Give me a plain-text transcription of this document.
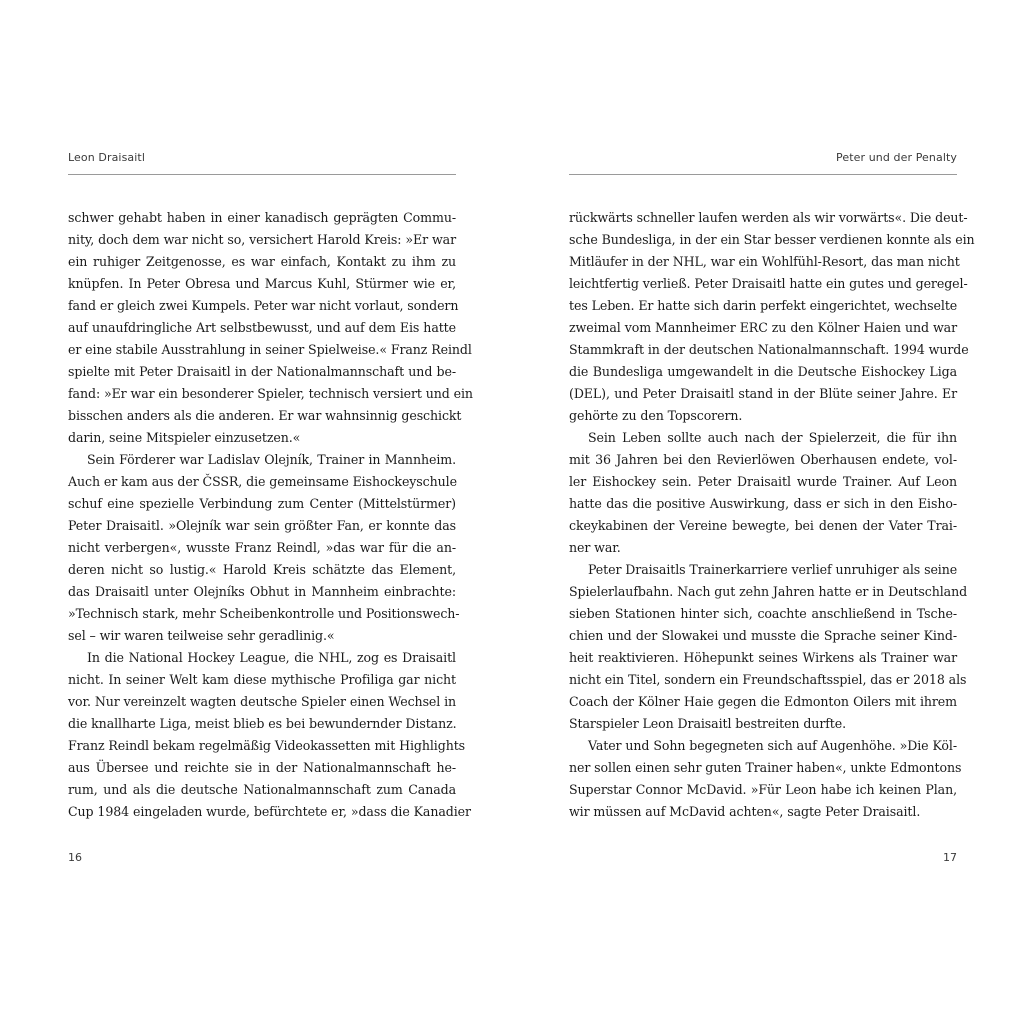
Leon Draisaitl
schwer gehabt haben in einer kanadisch geprägten Commu-
nity, doch dem war nicht so, versichert Harold Kreis: »Er war
ein ruhiger Zeitgenosse, es war einfach, Kontakt zu ihm zu
knüpfen. In Peter Obresa und Marcus Kuhl, Stürmer wie er,
fand er gleich zwei Kumpels. Peter war nicht vorlaut, sondern
auf unaufdringliche Art selbstbewusst, und auf dem Eis hatte
er eine stabile Ausstrahlung in seiner Spielweise.« Franz Reindl
spielte mit Peter Draisaitl in der Nationalmannschaft und be-
fand: »Er war ein besonderer Spieler, technisch versiert und ein
bisschen anders als die anderen. Er war wahnsinnig geschickt
darin, seine Mitspieler einzusetzen.«
Sein Förderer war Ladislav Olejník, Trainer in Mannheim.
Auch er kam aus der ČSSR, die gemeinsame Eishockeyschule
schuf eine spezielle Verbindung zum Center (Mittelstürmer)
Peter Draisaitl. »Olejník war sein größter Fan, er konnte das
nicht verbergen«, wusste Franz Reindl, »das war für die an-
deren nicht so lustig.« Harold Kreis schätzte das Element,
das Draisaitl unter Olejníks Obhut in Mannheim einbrachte:
»Technisch stark, mehr Scheibenkontrolle und Positionswech-
sel – wir waren teilweise sehr geradlinig.«
In die National Hockey League, die NHL, zog es Draisaitl
nicht. In seiner Welt kam diese mythische Profiliga gar nicht
vor. Nur vereinzelt wagten deutsche Spieler einen Wechsel in
die knallharte Liga, meist blieb es bei bewundernder Distanz.
Franz Reindl bekam regelmäßig Videokassetten mit Highlights
aus Übersee und reichte sie in der Nationalmannschaft he-
rum, und als die deutsche Nationalmannschaft zum Canada
Cup 1984 eingeladen wurde, befürchtete er, »dass die Kanadier
16
Peter und der Penalty
rückwärts schneller laufen werden als wir vorwärts«. Die deut-
sche Bundesliga, in der ein Star besser verdienen konnte als ein
Mitläufer in der NHL, war ein Wohlfühl-Resort, das man nicht
leichtfertig verließ. Peter Draisaitl hatte ein gutes und geregel-
tes Leben. Er hatte sich darin perfekt eingerichtet, wechselte
zweimal vom Mannheimer ERC zu den Kölner Haien und war
Stammkraft in der deutschen Nationalmannschaft. 1994 wurde
die Bundesliga umgewandelt in die Deutsche Eishockey Liga
(DEL), und Peter Draisaitl stand in der Blüte seiner Jahre. Er
gehörte zu den Topscorern.
Sein Leben sollte auch nach der Spielerzeit, die für ihn
mit 36 Jahren bei den Revierlöwen Oberhausen endete, vol-
ler Eishockey sein. Peter Draisaitl wurde Trainer. Auf Leon
hatte das die positive Auswirkung, dass er sich in den Eisho-
ckeykabinen der Vereine bewegte, bei denen der Vater Trai-
ner war.
Peter Draisaitls Trainerkarriere verlief unruhiger als seine
Spielerlaufbahn. Nach gut zehn Jahren hatte er in Deutschland
sieben Stationen hinter sich, coachte anschließend in Tsche-
chien und der Slowakei und musste die Sprache seiner Kind-
heit reaktivieren. Höhepunkt seines Wirkens als Trainer war
nicht ein Titel, sondern ein Freundschaftsspiel, das er 2018 als
Coach der Kölner Haie gegen die Edmonton Oilers mit ihrem
Starspieler Leon Draisaitl bestreiten durfte.
Vater und Sohn begegneten sich auf Augenhöhe. »Die Köl-
ner sollen einen sehr guten Trainer haben«, unkte Edmontons
Superstar Connor McDavid. »Für Leon habe ich keinen Plan,
wir müssen auf McDavid achten«, sagte Peter Draisaitl.
17
